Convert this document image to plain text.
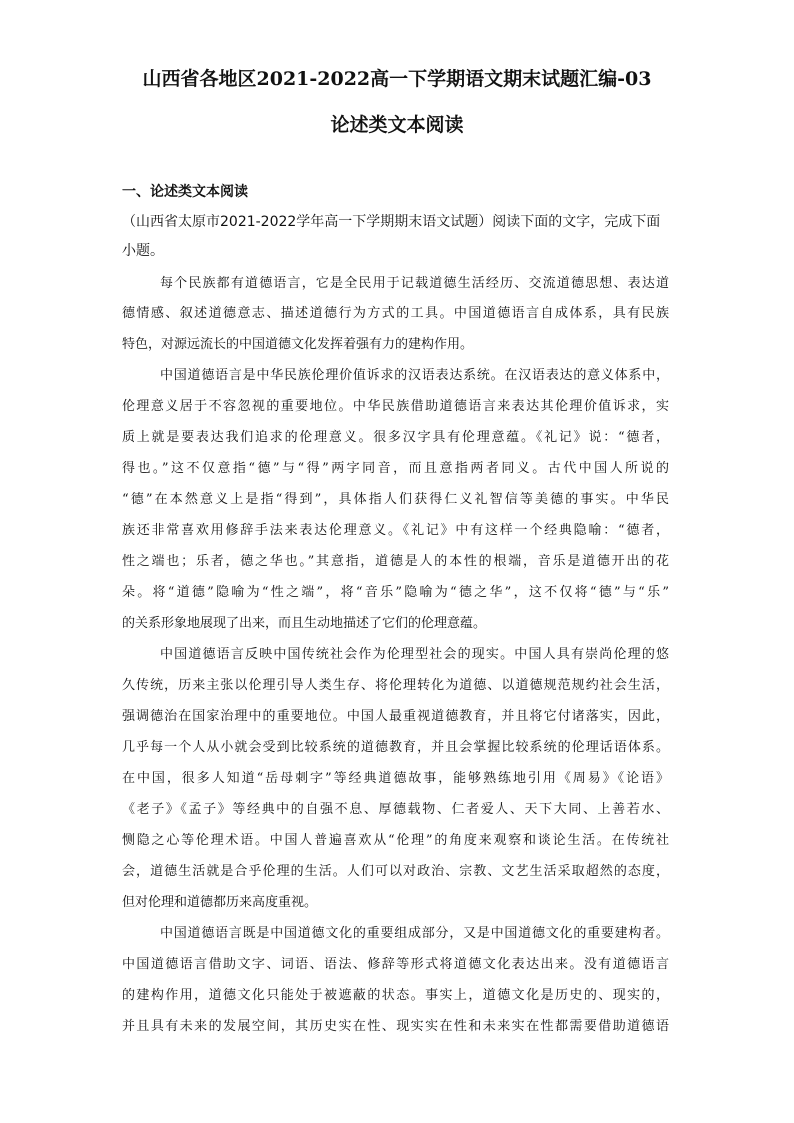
山西省各地区2021-2022高一下学期语文期末试题汇编-03
论述类文本阅读
一、论述类文本阅读
（山西省太原市2021-2022学年高一下学期期末语文试题）阅读下面的文字，完成下面
小题。
每个民族都有道德语言，它是全民用于记载道德生活经历、交流道德思想、表达道
德情感、叙述道德意志、描述道德行为方式的工具。中国道德语言自成体系，具有民族
特色，对源远流长的中国道德文化发挥着强有力的建构作用。
中国道德语言是中华民族伦理价值诉求的汉语表达系统。在汉语表达的意义体系中，
伦理意义居于不容忽视的重要地位。中华民族借助道德语言来表达其伦理价值诉求，实
质上就是要表达我们追求的伦理意义。很多汉字具有伦理意蕴。《礼记》说：“德者，
得也。”这不仅意指“德”与“得”两字同音，而且意指两者同义。古代中国人所说的
“德”在本然意义上是指“得到”，具体指人们获得仁义礼智信等美德的事实。中华民
族还非常喜欢用修辞手法来表达伦理意义。《礼记》中有这样一个经典隐喻：“德者，
性之端也；乐者，德之华也。”其意指，道德是人的本性的根端，音乐是道德开出的花
朵。将“道德”隐喻为“性之端”，将“音乐”隐喻为“德之华”，这不仅将“德”与“乐”
的关系形象地展现了出来，而且生动地描述了它们的伦理意蕴。
中国道德语言反映中国传统社会作为伦理型社会的现实。中国人具有崇尚伦理的悠
久传统，历来主张以伦理引导人类生存、将伦理转化为道德、以道德规范规约社会生活，
强调德治在国家治理中的重要地位。中国人最重视道德教育，并且将它付诸落实，因此，
几乎每一个人从小就会受到比较系统的道德教育，并且会掌握比较系统的伦理话语体系。
在中国，很多人知道“岳母刺字”等经典道德故事，能够熟练地引用《周易》《论语》
《老子》《孟子》等经典中的自强不息、厚德载物、仁者爱人、天下大同、上善若水、
恻隐之心等伦理术语。中国人普遍喜欢从“伦理”的角度来观察和谈论生活。在传统社
会，道德生活就是合乎伦理的生活。人们可以对政治、宗教、文艺生活采取超然的态度，
但对伦理和道德都历来高度重视。
中国道德语言既是中国道德文化的重要组成部分，又是中国道德文化的重要建构者。
中国道德语言借助文字、词语、语法、修辞等形式将道德文化表达出来。没有道德语言
的建构作用，道德文化只能处于被遮蔽的状态。事实上，道德文化是历史的、现实的，
并且具有未来的发展空间，其历史实在性、现实实在性和未来实在性都需要借助道德语
